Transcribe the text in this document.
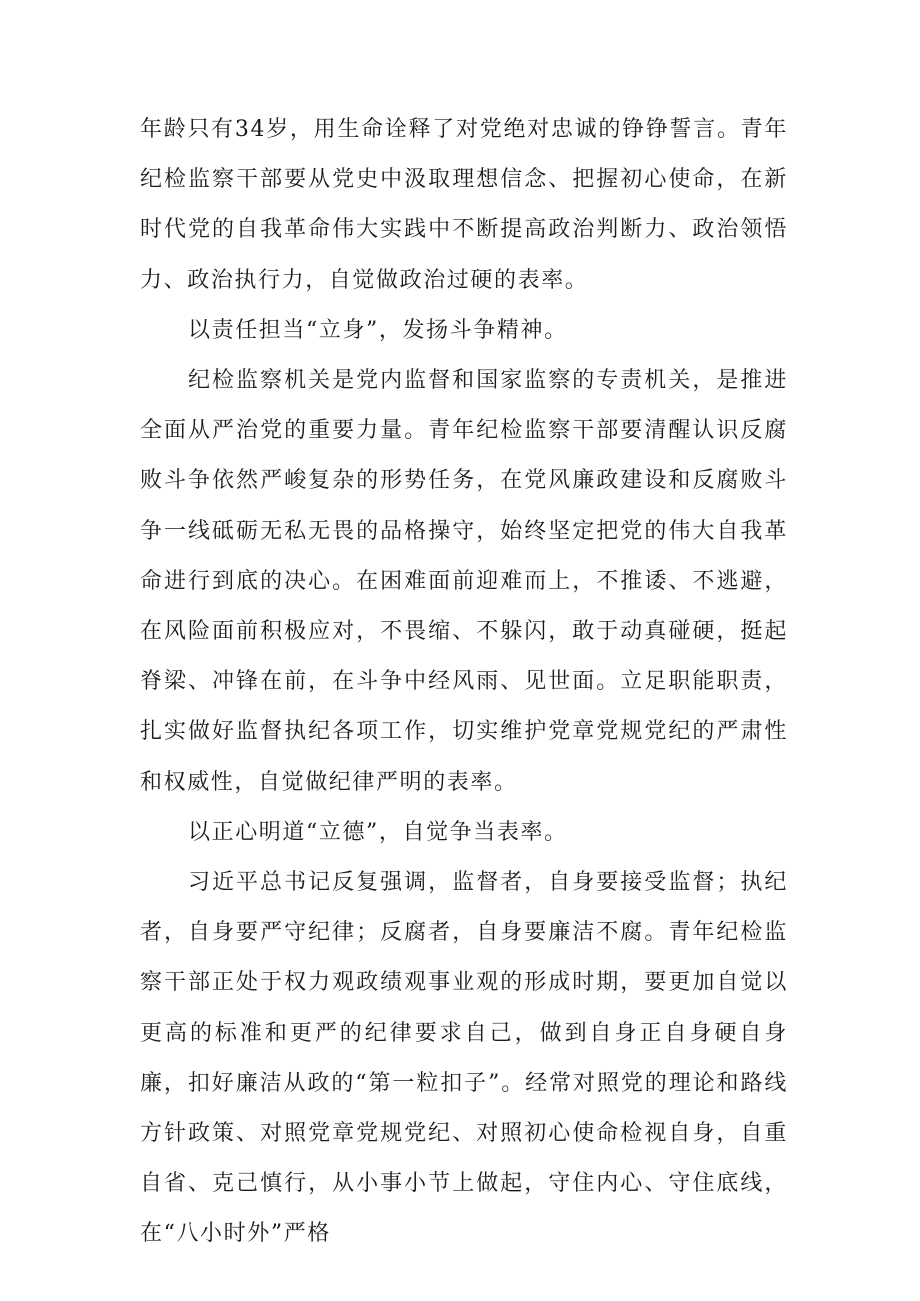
年龄只有34岁，用生命诠释了对党绝对忠诚的铮铮誓言。青年纪检监察干部要从党史中汲取理想信念、把握初心使命，在新时代党的自我革命伟大实践中不断提高政治判断力、政治领悟力、政治执行力，自觉做政治过硬的表率。

以责任担当“立身”，发扬斗争精神。

纪检监察机关是党内监督和国家监察的专责机关，是推进全面从严治党的重要力量。青年纪检监察干部要清醒认识反腐败斗争依然严峻复杂的形势任务，在党风廉政建设和反腐败斗争一线砥砺无私无畏的品格操守，始终坚定把党的伟大自我革命进行到底的决心。在困难面前迎难而上，不推诿、不逃避，在风险面前积极应对，不畏缩、不躲闪，敢于动真碰硬，挺起脊梁、冲锋在前，在斗争中经风雨、见世面。立足职能职责，扎实做好监督执纪各项工作，切实维护党章党规党纪的严肃性和权威性，自觉做纪律严明的表率。

以正心明道“立德”，自觉争当表率。

习近平总书记反复强调，监督者，自身要接受监督；执纪者，自身要严守纪律；反腐者，自身要廉洁不腐。青年纪检监察干部正处于权力观政绩观事业观的形成时期，要更加自觉以更高的标准和更严的纪律要求自己，做到自身正自身硬自身廉，扣好廉洁从政的“第一粒扣子”。经常对照党的理论和路线方针政策、对照党章党规党纪、对照初心使命检视自身，自重自省、克己慎行，从小事小节上做起，守住内心、守住底线，在“八小时外”严格
